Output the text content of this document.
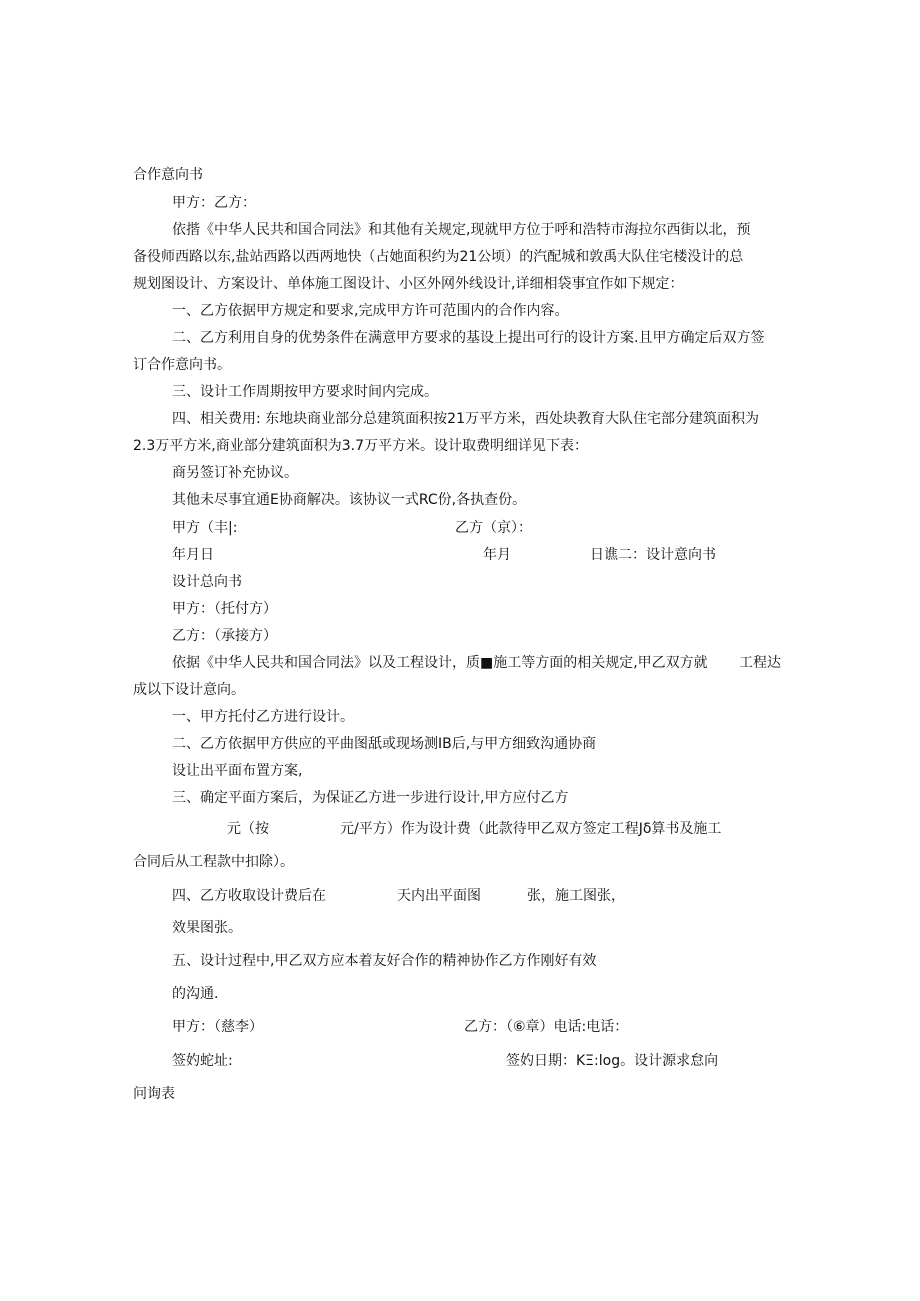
合作意向书
甲方：乙方：
依揩《中华人民共和国合同法》和其他有关规定,现就甲方位于呼和浩特市海拉尔西街以北，预
备役师西路以东,盐站西路以西两地快（占她面积约为21公顷）的汽配城和敦禹大队住宅楼没计的总
规划图设计、方案设计、单体施工图设计、小区外网外线设计,详细相袋事宜作如下规定：
一、乙方依据甲方规定和要求,完成甲方许可范围内的合作内容。
二、乙方利用自身的优势条件在满意甲方要求的基设上提出可行的设计方案.且甲方确定后双方签
订合作意向书。
三、设计工作周期按甲方要求时间内完成。
四、相关费用: 东地块商业部分总建筑面积按21万平方米，西处块教育大队住宅部分建筑面积为
2.3万平方米,商业部分建筑面积为3.7万平方米。设计取费明细详见下表：
商另签订补充协议。
其他未尽事宜通E协商解决。该协议一式RC份,各执查份。
甲方（丰|:	乙方（京）：
年月日	年月	日谯二：设计意向书
设计总向书
甲方：（托付方）
乙方：（承接方）
依据《中华人民共和国合同法》以及工程设计，质■施工等方面的相关规定,甲乙双方就 工程达
成以下设计意向。
一、甲方托付乙方进行设计。
二、乙方依据甲方供应的平曲图舐或现场测IB后,与甲方细致沟通协商
设让出平面布置方案,
三、确定平面方案后，为保证乙方进一步进行设计,甲方应付乙方
元（按	元/平方）作为设计费（此款待甲乙双方签定工程Jδ算书及施工
合同后从工程款中扣除）。
四、乙方收取设计费后在	天内出平面图	张，施工图张，
效果图张。
五、设计过程中,甲乙双方应本着友好合作的精神协作乙方作刚好有效
的沟通.
甲方：（慈李）	乙方：（⑥章）电话:电话：
签妁蛇址:	签妁日期：KΞ:log。设计源求怠向
问询表
